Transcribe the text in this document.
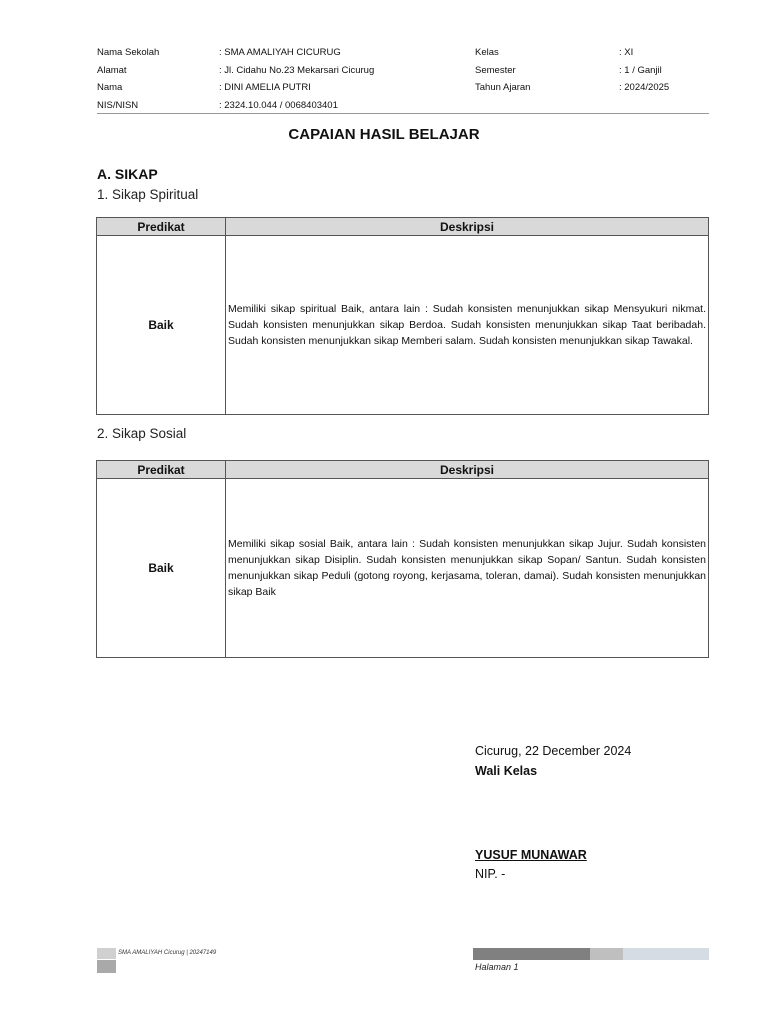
Nama Sekolah	: SMA AMALIYAH CICURUG	Kelas	: XI
Alamat	: Jl. Cidahu No.23 Mekarsari Cicurug	Semester	: 1 / Ganjil
Nama	: DINI AMELIA PUTRI	Tahun Ajaran	: 2024/2025
NIS/NISN	: 2324.10.044 / 0068403401
CAPAIAN HASIL BELAJAR
A. SIKAP
1. Sikap Spiritual
Predikat	Deskripsi
Baik	Memiliki sikap spiritual Baik, antara lain : Sudah konsisten menunjukkan sikap Mensyukuri nikmat. Sudah konsisten menunjukkan sikap Berdoa. Sudah konsisten menunjukkan sikap Taat beribadah. Sudah konsisten menunjukkan sikap Memberi salam. Sudah konsisten menunjukkan sikap Tawakal.
2. Sikap Sosial
Predikat	Deskripsi
Baik	Memiliki sikap sosial Baik, antara lain : Sudah konsisten menunjukkan sikap Jujur. Sudah konsisten menunjukkan sikap Disiplin. Sudah konsisten menunjukkan sikap Sopan/ Santun. Sudah konsisten menunjukkan sikap Peduli (gotong royong, kerjasama, toleran, damai). Sudah konsisten menunjukkan sikap Baik
Cicurug, 22 December 2024
Wali Kelas
YUSUF MUNAWAR
NIP. -
SMA AMALIYAH Cicurug | 20247149
Halaman 1
